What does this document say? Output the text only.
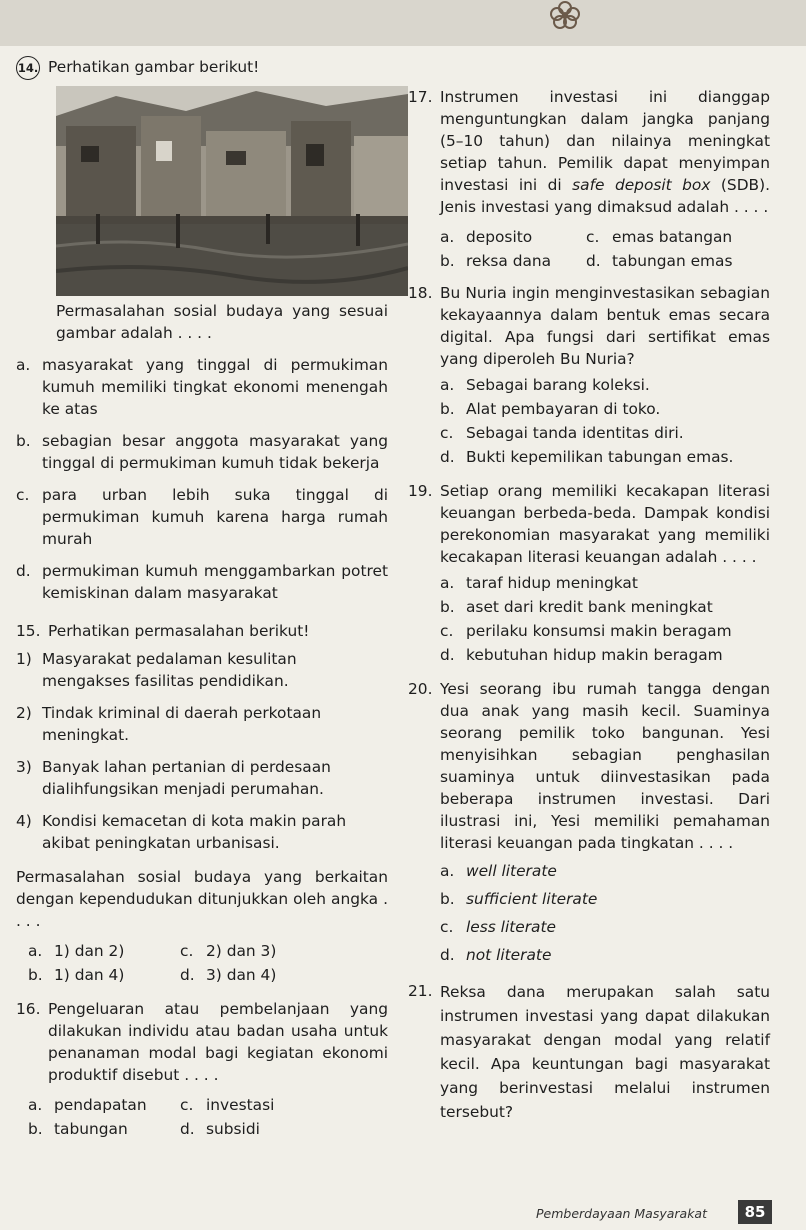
14. Perhatikan gambar berikut!
Permasalahan sosial budaya yang sesuai gambar adalah . . . .
a. masyarakat yang tinggal di permukiman kumuh memiliki tingkat ekonomi menengah ke atas
b. sebagian besar anggota masyarakat yang tinggal di permukiman kumuh tidak bekerja
c. para urban lebih suka tinggal di permukiman kumuh karena harga rumah murah
d. permukiman kumuh menggambarkan potret kemiskinan dalam masyarakat
15. Perhatikan permasalahan berikut!
1) Masyarakat pedalaman kesulitan mengakses fasilitas pendidikan.
2) Tindak kriminal di daerah perkotaan meningkat.
3) Banyak lahan pertanian di perdesaan dialihfungsikan menjadi perumahan.
4) Kondisi kemacetan di kota makin parah akibat peningkatan urbanisasi.
Permasalahan sosial budaya yang berkaitan dengan kependudukan ditunjukkan oleh angka . . . .
a. 1) dan 2)	c. 2) dan 3)
b. 1) dan 4)	d. 3) dan 4)
16. Pengeluaran atau pembelanjaan yang dilakukan individu atau badan usaha untuk penanaman modal bagi kegiatan ekonomi produktif disebut . . . .
a. pendapatan c. investasi
b. tabungan	d. subsidi
17. Instrumen investasi ini dianggap menguntungkan dalam jangka panjang (5–10 tahun) dan nilainya meningkat setiap tahun. Pemilik dapat menyimpan investasi ini di safe deposit box (SDB). Jenis investasi yang dimaksud adalah . . . .
a. deposito	c. emas batangan
b. reksa dana d. tabungan emas
18. Bu Nuria ingin menginvestasikan sebagian kekayaannya dalam bentuk emas secara digital. Apa fungsi dari sertifikat emas yang diperoleh Bu Nuria?
a. Sebagai barang koleksi.
b. Alat pembayaran di toko.
c. Sebagai tanda identitas diri.
d. Bukti kepemilikan tabungan emas.
19. Setiap orang memiliki kecakapan literasi keuangan berbeda-beda. Dampak kondisi perekonomian masyarakat yang memiliki kecakapan literasi keuangan adalah . . . .
a. taraf hidup meningkat
b. aset dari kredit bank meningkat
c. perilaku konsumsi makin beragam
d. kebutuhan hidup makin beragam
20. Yesi seorang ibu rumah tangga dengan dua anak yang masih kecil. Suaminya seorang pemilik toko bangunan. Yesi menyisihkan sebagian penghasilan suaminya untuk diinvestasikan pada beberapa instrumen investasi. Dari ilustrasi ini, Yesi memiliki pemahaman literasi keuangan pada tingkatan . . . .
a. well literate
b. sufficient literate
c. less literate
d. not literate
21. Reksa dana merupakan salah satu instrumen investasi yang dapat dilakukan masyarakat dengan modal yang relatif kecil. Apa keuntungan bagi masyarakat yang berinvestasi melalui instrumen tersebut?
Pemberdayaan Masyarakat	85
